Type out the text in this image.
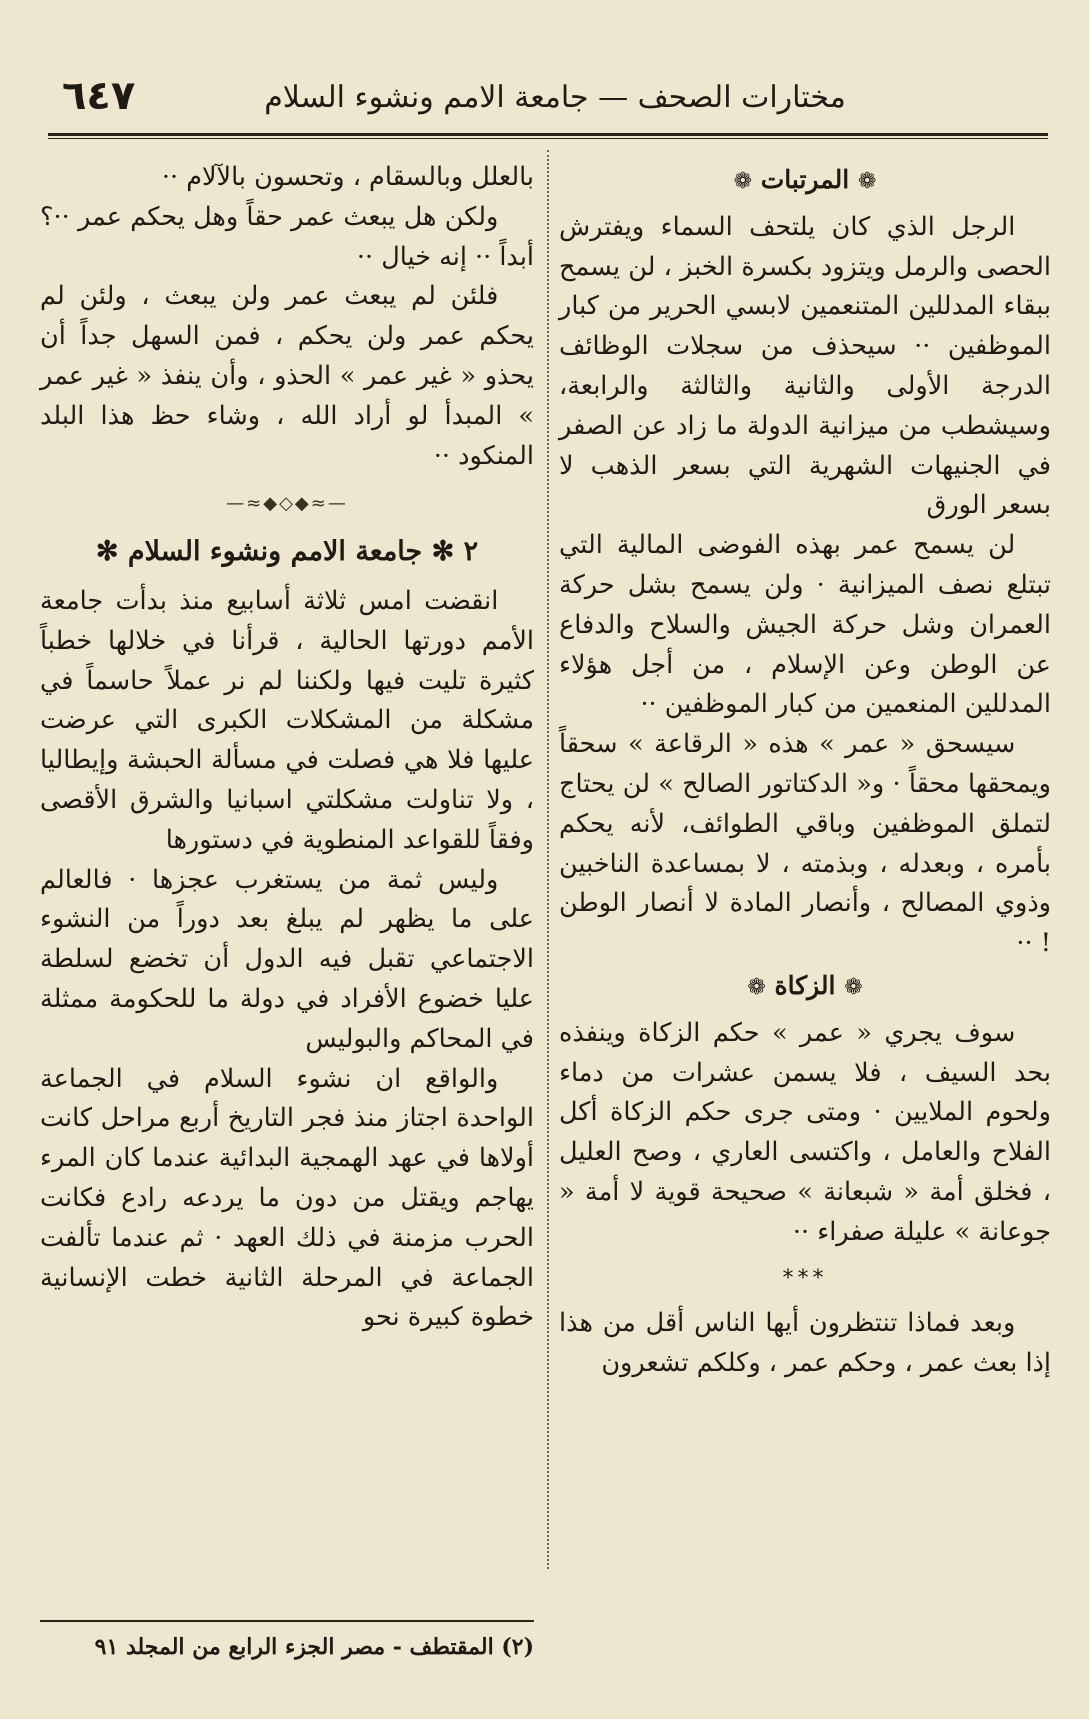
مختارات الصحف — جامعة الامم ونشوء السلام
٦٤٧

❁ المرتبات ❁

الرجل الذي كان يلتحف السماء ويفترش الحصى والرمل ويتزود بكسرة الخبز ، لن يسمح ببقاء المدللين المتنعمين لابسي الحرير من كبار الموظفين ·· سيحذف من سجلات الوظائف الدرجة الأولى والثانية والثالثة والرابعة، وسيشطب من ميزانية الدولة ما زاد عن الصفر في الجنيهات الشهرية التي بسعر الذهب لا بسعر الورق

لن يسمح عمر بهذه الفوضى المالية التي تبتلع نصف الميزانية · ولن يسمح بشل حركة العمران وشل حركة الجيش والسلاح والدفاع عن الوطن وعن الإسلام ، من أجل هؤلاء المدللين المنعمين من كبار الموظفين ··

سيسحق « عمر » هذه « الرقاعة » سحقاً ويمحقها محقاً · و« الدكتاتور الصالح » لن يحتاج لتملق الموظفين وباقي الطوائف، لأنه يحكم بأمره ، وبعدله ، وبذمته ، لا بمساعدة الناخبين وذوي المصالح ، وأنصار المادة لا أنصار الوطن ! ··

❁ الزكاة ❁

سوف يجري « عمر » حكم الزكاة وينفذه بحد السيف ، فلا يسمن عشرات من دماء ولحوم الملايين · ومتى جرى حكم الزكاة أكل الفلاح والعامل ، واكتسى العاري ، وصح العليل ، فخلق أمة « شبعانة » صحيحة قوية لا أمة « جوعانة » عليلة صفراء ··

***

وبعد فماذا تنتظرون أيها الناس أقل من هذا إذا بعث عمر ، وحكم عمر ، وكلكم تشعرون

بالعلل وبالسقام ، وتحسون بالآلام ··

ولكن هل يبعث عمر حقاً وهل يحكم عمر ··؟ أبداً ·· إنه خيال ··

فلئن لم يبعث عمر ولن يبعث ، ولئن لم يحكم عمر ولن يحكم ، فمن السهل جداً أن يحذو « غير عمر » الحذو ، وأن ينفذ « غير عمر » المبدأ لو أراد الله ، وشاء حظ هذا البلد المنكود ··

—≈◆◇◆≈—

٢ ✻ جامعة الامم ونشوء السلام ✻

انقضت امس ثلاثة أسابيع منذ بدأت جامعة الأمم دورتها الحالية ، قرأنا في خلالها خطباً كثيرة تليت فيها ولكننا لم نر عملاً حاسماً في مشكلة من المشكلات الكبرى التي عرضت عليها فلا هي فصلت في مسألة الحبشة وإيطاليا ، ولا تناولت مشكلتي اسبانيا والشرق الأقصى وفقاً للقواعد المنطوية في دستورها

وليس ثمة من يستغرب عجزها · فالعالم على ما يظهر لم يبلغ بعد دوراً من النشوء الاجتماعي تقبل فيه الدول أن تخضع لسلطة عليا خضوع الأفراد في دولة ما للحكومة ممثلة في المحاكم والبوليس

والواقع ان نشوء السلام في الجماعة الواحدة اجتاز منذ فجر التاريخ أربع مراحل كانت أولاها في عهد الهمجية البدائية عندما كان المرء يهاجم ويقتل من دون ما يردعه رادع فكانت الحرب مزمنة في ذلك العهد · ثم عندما تألفت الجماعة في المرحلة الثانية خطت الإنسانية خطوة كبيرة نحو

(٢) المقتطف - مصر الجزء الرابع من المجلد ٩١
